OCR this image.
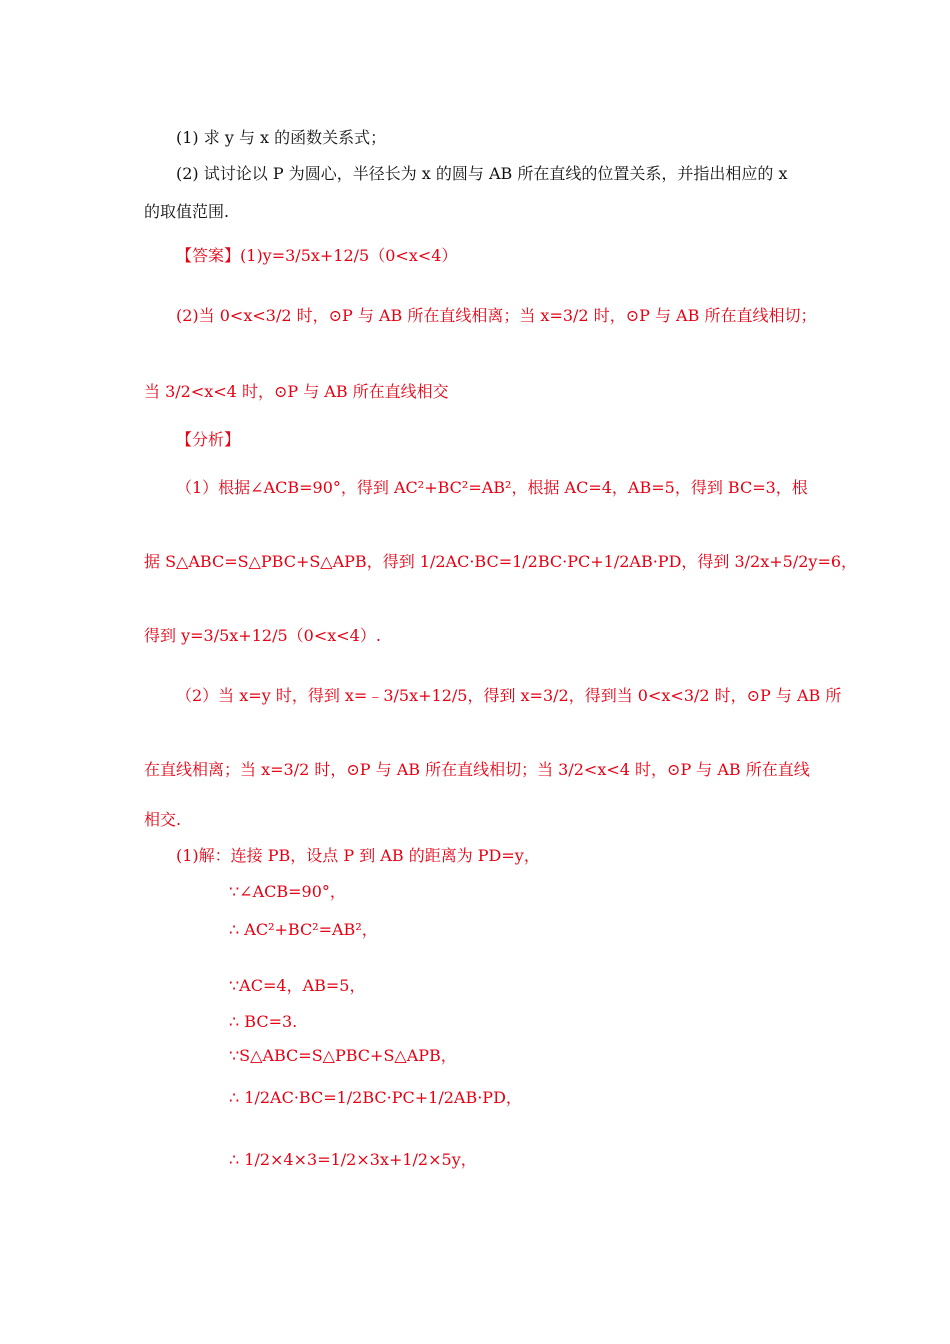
(1) 求 y 与 x 的函数关系式；
(2) 试讨论以 P 为圆心，半径长为 x 的圆与 AB 所在直线的位置关系，并指出相应的 x
的取值范围.
【答案】(1)y=3/5x+12/5（0<x<4）
(2)当 0<x<3/2 时，⊙P 与 AB 所在直线相离；当 x=3/2 时，⊙P 与 AB 所在直线相切；
当 3/2<x<4 时，⊙P 与 AB 所在直线相交
【分析】
（1）根据∠ACB=90°，得到 AC²+BC²=AB²，根据 AC=4，AB=5，得到 BC=3，根
据 S△ABC=S△PBC+S△APB，得到 1/2AC·BC=1/2BC·PC+1/2AB·PD，得到 3/2x+5/2y=6，
得到 y=3/5x+12/5（0<x<4）.
（2）当 x=y 时，得到 x=﹣3/5x+12/5，得到 x=3/2，得到当 0<x<3/2 时，⊙P 与 AB 所
在直线相离；当 x=3/2 时，⊙P 与 AB 所在直线相切；当 3/2<x<4 时，⊙P 与 AB 所在直线
相交.
(1)解：连接 PB，设点 P 到 AB 的距离为 PD=y，
∵∠ACB=90°，
∴ AC²+BC²=AB²，
∵AC=4，AB=5，
∴ BC=3.
∵S△ABC=S△PBC+S△APB，
∴ 1/2AC·BC=1/2BC·PC+1/2AB·PD，
∴ 1/2×4×3=1/2×3x+1/2×5y，
